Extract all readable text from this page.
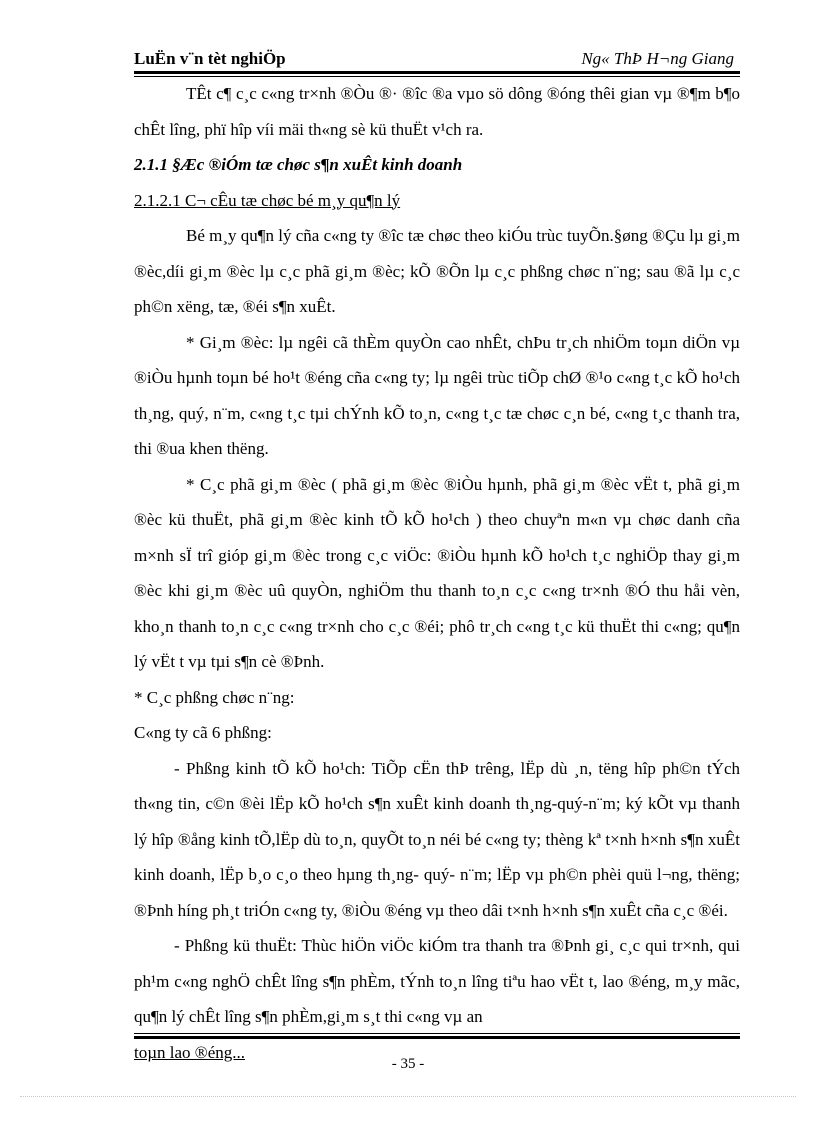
LuËn v¨n tèt nghiÖp	Ng« ThÞ H¬ng Giang

TÊt c¶ c¸c c«ng tr×nh ®Òu ®· ®îc ®a vµo sö dông ®óng thêi gian vµ ®¶m b¶o chÊt lîng, phï hîp víi mäi th«ng sè kü thuËt v¹ch ra.

2.1.1 §Æc ®iÓm tæ chøc s¶n xuÊt kinh doanh

2.1.2.1 C¬ cÊu tæ chøc bé m¸y qu¶n lý

Bé m¸y qu¶n lý cña c«ng ty ®îc tæ chøc theo kiÓu trùc tuyÕn.§øng ®Çu lµ gi¸m ®èc,díi gi¸m ®èc lµ c¸c phã gi¸m ®èc; kÕ ®Õn lµ c¸c phßng chøc n¨ng; sau ®ã lµ c¸c ph©n xëng, tæ, ®éi s¶n xuÊt.

* Gi¸m ®èc: lµ ngêi cã thÈm quyÒn cao nhÊt, chÞu tr¸ch nhiÖm toµn diÖn vµ ®iÒu hµnh toµn bé ho¹t ®éng cña c«ng ty; lµ ngêi trùc tiÕp chØ ®¹o c«ng t¸c kÕ ho¹ch th¸ng, quý, n¨m, c«ng t¸c tµi chÝnh kÕ to¸n, c«ng t¸c tæ chøc c¸n bé, c«ng t¸c thanh tra, thi ®ua khen thëng.

* C¸c phã gi¸m ®èc ( phã gi¸m ®èc ®iÒu hµnh, phã gi¸m ®èc vËt t, phã gi¸m ®èc kü thuËt, phã gi¸m ®èc kinh tÕ kÕ ho¹ch ) theo chuyªn m«n vµ chøc danh cña m×nh sÏ trî gióp gi¸m ®èc trong c¸c viÖc: ®iÒu hµnh kÕ ho¹ch t¸c nghiÖp thay gi¸m ®èc khi gi¸m ®èc uû quyÒn, nghiÖm thu thanh to¸n c¸c c«ng tr×nh ®Ó thu håi vèn, kho¸n thanh to¸n c¸c c«ng tr×nh cho c¸c ®éi; phô tr¸ch c«ng t¸c kü thuËt thi c«ng; qu¶n lý vËt t vµ tµi s¶n cè ®Þnh.

* C¸c phßng chøc n¨ng:

C«ng ty cã 6 phßng:

- Phßng kinh tÕ kÕ ho¹ch: TiÕp cËn thÞ trêng, lËp dù ¸n, tëng hîp ph©n tÝch th«ng tin, c©n ®èi lËp kÕ ho¹ch s¶n xuÊt kinh doanh th¸ng-quý-n¨m; ký kÕt vµ thanh lý hîp ®ång kinh tÕ,lËp dù to¸n, quyÕt to¸n néi bé c«ng ty; thèng kª t×nh h×nh s¶n xuÊt kinh doanh, lËp b¸o c¸o theo hµng th¸ng- quý- n¨m; lËp vµ ph©n phèi quü l¬ng, thëng; ®Þnh híng ph¸t triÓn c«ng ty, ®iÒu ®éng vµ theo dâi t×nh h×nh s¶n xuÊt cña c¸c ®éi.

- Phßng kü thuËt: Thùc hiÖn viÖc kiÓm tra thanh tra ®Þnh gi¸ c¸c qui tr×nh, qui ph¹m c«ng nghÖ chÊt lîng s¶n phÈm, tÝnh to¸n lîng tiªu hao vËt t, lao ®éng, m¸y mãc, qu¶n lý chÊt lîng s¶n phÈm,gi¸m s¸t thi c«ng vµ an

toµn lao ®éng...

- 35 -
